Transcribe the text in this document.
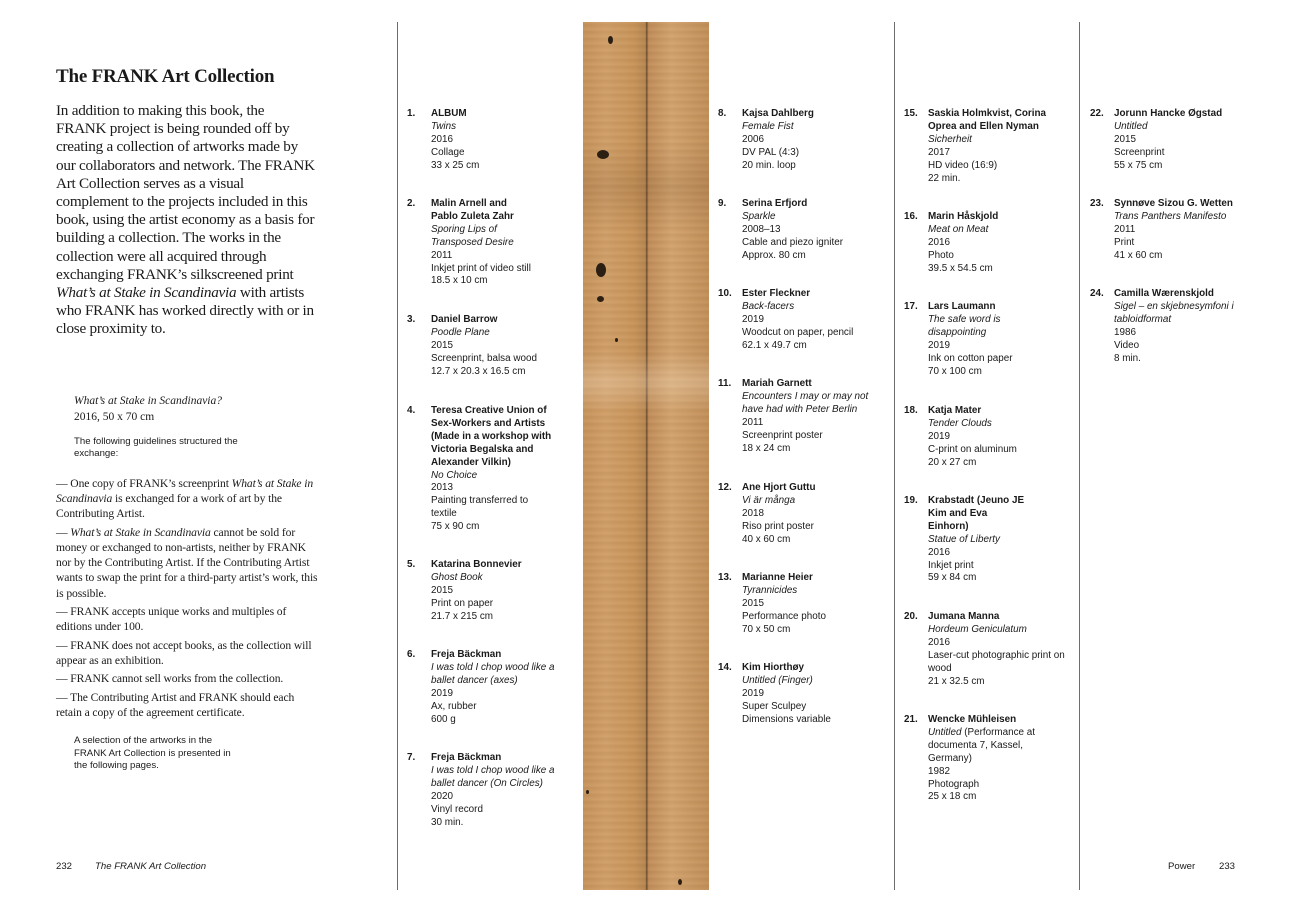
The FRANK Art Collection

In addition to making this book, the FRANK project is being rounded off by creating a collection of artworks made by our collaborators and network. The FRANK Art Collection serves as a visual complement to the projects included in this book, using the artist economy as a basis for building a collection. The works in the collection were all acquired through exchanging FRANK’s silkscreened print What’s at Stake in Scandinavia with artists who FRANK has worked directly with or in close proximity to.

What’s at Stake in Scandinavia?
2016, 50 x 70 cm
The following guidelines structured the exchange:
— One copy of FRANK’s screenprint What’s at Stake in Scandinavia is exchanged for a work of art by the Contributing Artist.
— What’s at Stake in Scandinavia cannot be sold for money or exchanged to non-artists, neither by FRANK nor by the Contributing Artist. If the Contributing Artist wants to swap the print for a third-party artist’s work, this is possible.
— FRANK accepts unique works and multiples of editions under 100.
— FRANK does not accept books, as the collection will appear as an exhibition.
— FRANK cannot sell works from the collection.
— The Contributing Artist and FRANK should each retain a copy of the agreement certificate.
A selection of the artworks in the FRANK Art Collection is presented in the following pages.
232 The FRANK Art Collection	Power 233
1. ALBUM
Twins
2016
Collage
33 x 25 cm
2. Malin Arnell and Pablo Zuleta Zahr
Sporing Lips of Transposed Desire
2011
Inkjet print of video still
18.5 x 10 cm
3. Daniel Barrow
Poodle Plane
2015
Screenprint, balsa wood
12.7 x 20.3 x 16.5 cm
4. Teresa Creative Union of Sex-Workers and Artists (Made in a workshop with Victoria Begalska and Alexander Vilkin)
No Choice
2013
Painting transferred to textile
75 x 90 cm
5. Katarina Bonnevier
Ghost Book
2015
Print on paper
21.7 x 215 cm
6. Freja Bäckman
I was told I chop wood like a ballet dancer (axes)
2019
Ax, rubber
600 g
7. Freja Bäckman
I was told I chop wood like a ballet dancer (On Circles)
2020
Vinyl record
30 min.
8. Kajsa Dahlberg
Female Fist
2006
DV PAL (4:3)
20 min. loop
9. Serina Erfjord
Sparkle
2008–13
Cable and piezo igniter
Approx. 80 cm
10. Ester Fleckner
Back-facers
2019
Woodcut on paper, pencil
62.1 x 49.7 cm
11. Mariah Garnett
Encounters I may or may not have had with Peter Berlin
2011
Screenprint poster
18 x 24 cm
12. Ane Hjort Guttu
Vi är många
2018
Riso print poster
40 x 60 cm
13. Marianne Heier
Tyrannicides
2015
Performance photo
70 x 50 cm
14. Kim Hiorthøy
Untitled (Finger)
2019
Super Sculpey
Dimensions variable
15. Saskia Holmkvist, Corina Oprea and Ellen Nyman
Sicherheit
2017
HD video (16:9)
22 min.
16. Marin Håskjold
Meat on Meat
2016
Photo
39.5 x 54.5 cm
17. Lars Laumann
The safe word is disappointing
2019
Ink on cotton paper
70 x 100 cm
18. Katja Mater
Tender Clouds
2019
C-print on aluminum
20 x 27 cm
19. Krabstadt (Jeuno JE Kim and Eva Einhorn)
Statue of Liberty
2016
Inkjet print
59 x 84 cm
20. Jumana Manna
Hordeum Geniculatum
2016
Laser-cut photographic print on wood
21 x 32.5 cm
21. Wencke Mühleisen
Untitled (Performance at documenta 7, Kassel, Germany)
1982
Photograph
25 x 18 cm
22. Jorunn Hancke Øgstad
Untitled
2015
Screenprint
55 x 75 cm
23. Synnøve Sizou G. Wetten
Trans Panthers Manifesto
2011
Print
41 x 60 cm
24. Camilla Wærenskjold
Sigel – en skjebnesymfoni i tabloidformat
1986
Video
8 min.
